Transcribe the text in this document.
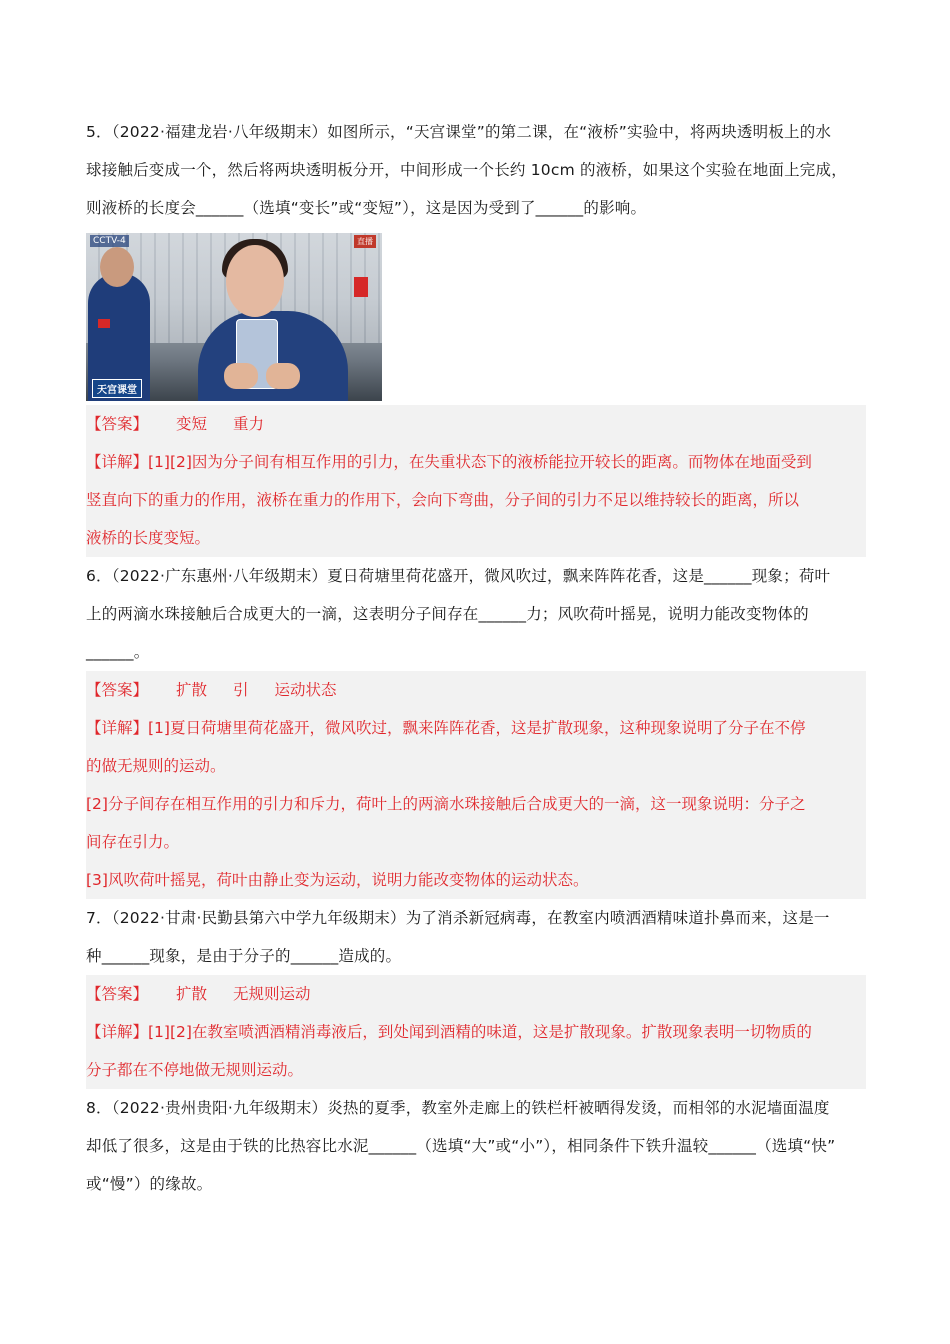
5．（2022·福建龙岩·八年级期末）如图所示，“天宫课堂”的第二课，在“液桥”实验中，将两块透明板上的水

球接触后变成一个，然后将两块透明板分开，中间形成一个长约 10cm 的液桥，如果这个实验在地面上完成，

则液桥的长度会______（选填“变长”或“变短”），这是因为受到了______的影响。

CCTV-4	直播
天宫课堂

【答案】 变短 重力

【详解】[1][2]因为分子间有相互作用的引力，在失重状态下的液桥能拉开较长的距离。而物体在地面受到

竖直向下的重力的作用，液桥在重力的作用下，会向下弯曲，分子间的引力不足以维持较长的距离，所以

液桥的长度变短。

6．（2022·广东惠州·八年级期末）夏日荷塘里荷花盛开，微风吹过，飘来阵阵花香，这是______现象；荷叶

上的两滴水珠接触后合成更大的一滴，这表明分子间存在______力；风吹荷叶摇晃，说明力能改变物体的

______。

【答案】 扩散 引 运动状态

【详解】[1]夏日荷塘里荷花盛开，微风吹过，飘来阵阵花香，这是扩散现象，这种现象说明了分子在不停

的做无规则的运动。

[2]分子间存在相互作用的引力和斥力，荷叶上的两滴水珠接触后合成更大的一滴，这一现象说明：分子之

间存在引力。

[3]风吹荷叶摇晃，荷叶由静止变为运动，说明力能改变物体的运动状态。

7．（2022·甘肃·民勤县第六中学九年级期末）为了消杀新冠病毒，在教室内喷洒酒精味道扑鼻而来，这是一

种______现象，是由于分子的______造成的。

【答案】 扩散 无规则运动

【详解】[1][2]在教室喷洒酒精消毒液后，到处闻到酒精的味道，这是扩散现象。扩散现象表明一切物质的

分子都在不停地做无规则运动。

8．（2022·贵州贵阳·九年级期末）炎热的夏季，教室外走廊上的铁栏杆被晒得发烫，而相邻的水泥墙面温度

却低了很多，这是由于铁的比热容比水泥______（选填“大”或“小”），相同条件下铁升温较______（选填“快”

或“慢”）的缘故。
